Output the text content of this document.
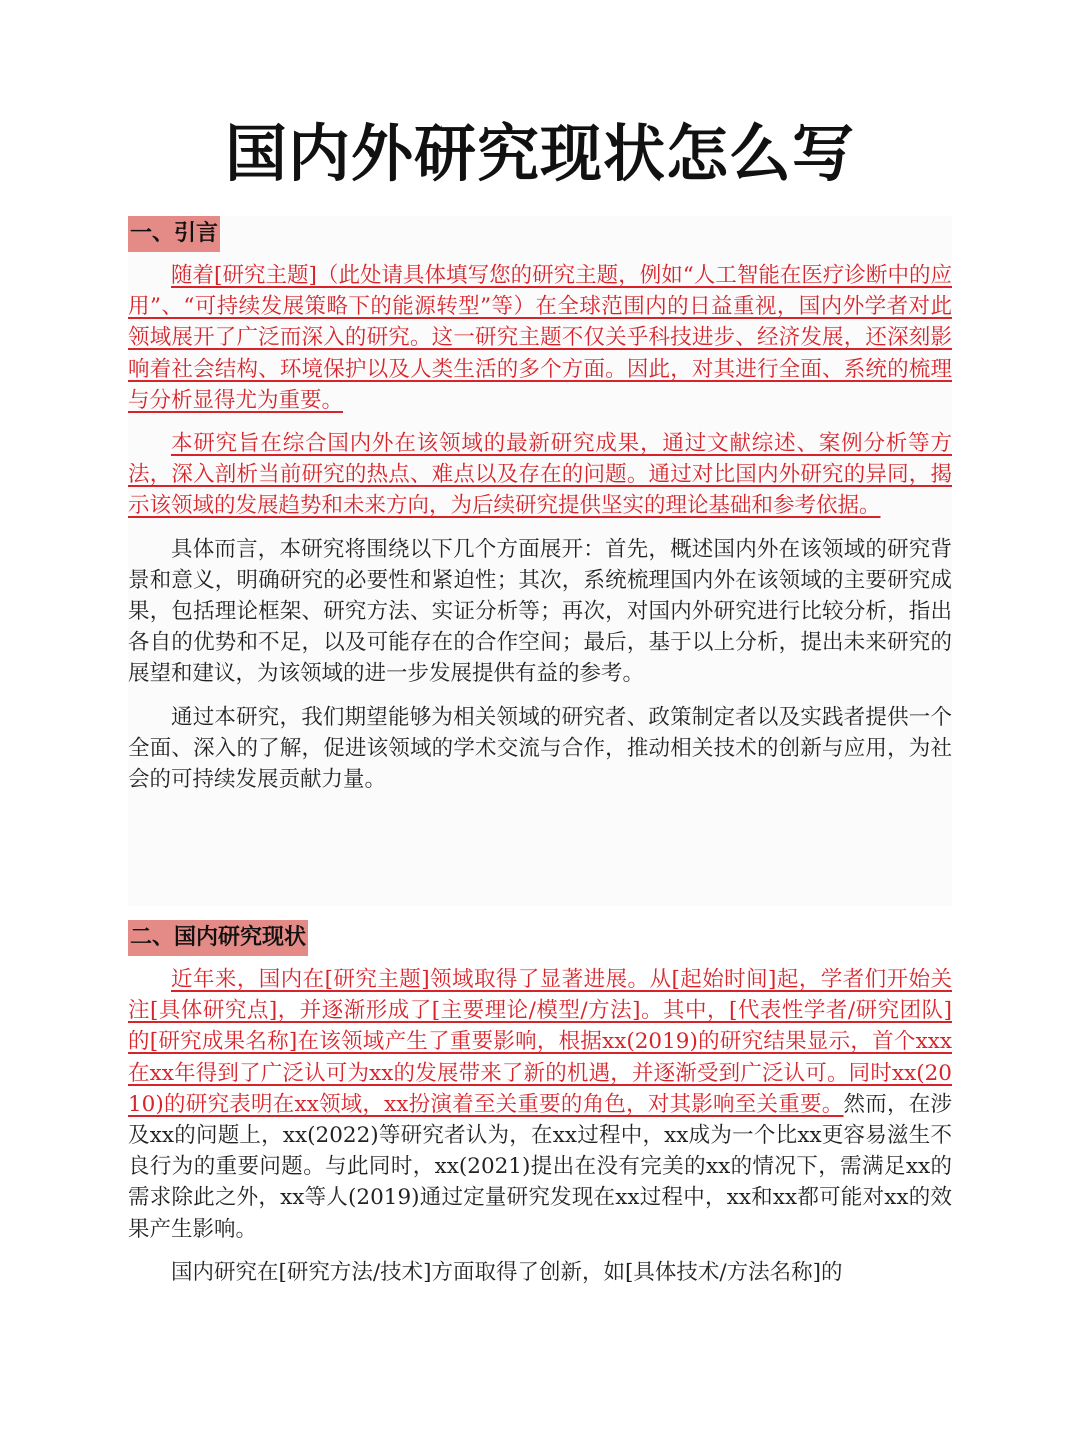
国内外研究现状怎么写
一、引言

随着[研究主题]（此处请具体填写您的研究主题，例如“人工智能在医疗诊断中的应用”、“可持续发展策略下的能源转型”等）在全球范围内的日益重视，国内外学者对此领域展开了广泛而深入的研究。这一研究主题不仅关乎科技进步、经济发展，还深刻影响着社会结构、环境保护以及人类生活的多个方面。因此，对其进行全面、系统的梳理与分析显得尤为重要。

本研究旨在综合国内外在该领域的最新研究成果，通过文献综述、案例分析等方法，深入剖析当前研究的热点、难点以及存在的问题。通过对比国内外研究的异同，揭示该领域的发展趋势和未来方向，为后续研究提供坚实的理论基础和参考依据。

具体而言，本研究将围绕以下几个方面展开：首先，概述国内外在该领域的研究背景和意义，明确研究的必要性和紧迫性；其次，系统梳理国内外在该领域的主要研究成果，包括理论框架、研究方法、实证分析等；再次，对国内外研究进行比较分析，指出各自的优势和不足，以及可能存在的合作空间；最后，基于以上分析，提出未来研究的展望和建议，为该领域的进一步发展提供有益的参考。

通过本研究，我们期望能够为相关领域的研究者、政策制定者以及实践者提供一个全面、深入的了解，促进该领域的学术交流与合作，推动相关技术的创新与应用，为社会的可持续发展贡献力量。

二、国内研究现状

近年来，国内在[研究主题]领域取得了显著进展。从[起始时间]起，学者们开始关注[具体研究点]，并逐渐形成了[主要理论/模型/方法]。其中，[代表性学者/研究团队]的[研究成果名称]在该领域产生了重要影响，根据xx(2019)的研究结果显示，首个xxx在xx年得到了广泛认可为xx的发展带来了新的机遇，并逐渐受到广泛认可。同时xx(2010)的研究表明在xx领域，xx扮演着至关重要的角色，对其影响至关重要。然而，在涉及xx的问题上，xx(2022)等研究者认为，在xx过程中，xx成为一个比xx更容易滋生不良行为的重要问题。与此同时，xx(2021)提出在没有完美的xx的情况下，需满足xx的需求除此之外，xx等人(2019)通过定量研究发现在xx过程中，xx和xx都可能对xx的效果产生影响。

国内研究在[研究方法/技术]方面取得了创新，如[具体技术/方法名称]的
